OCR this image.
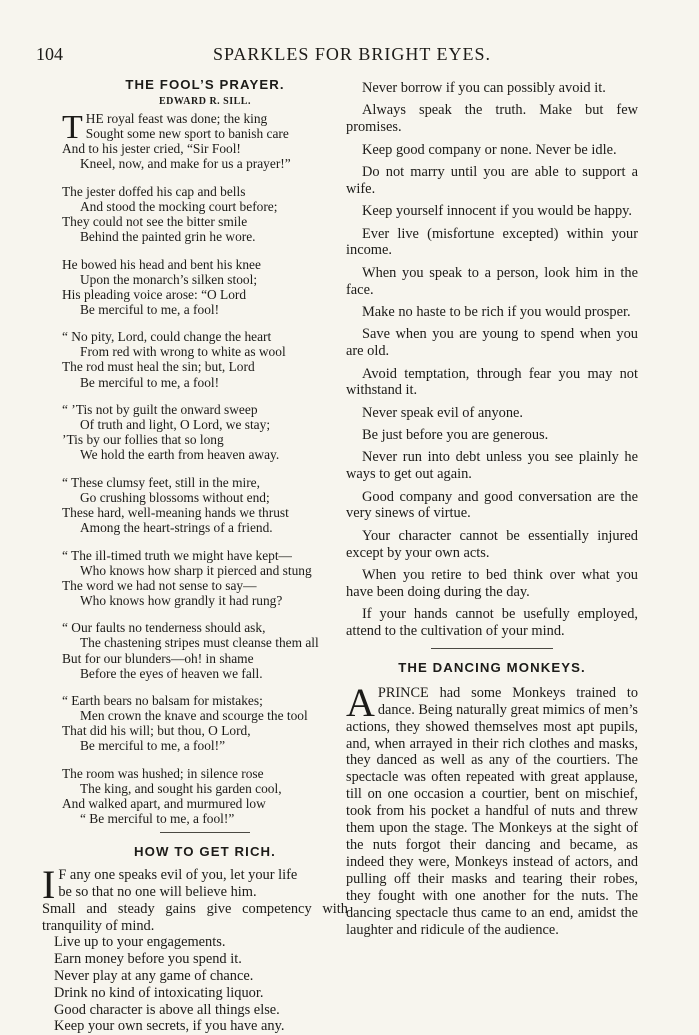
104	SPARKLES FOR BRIGHT EYES.
THE FOOL’S PRAYER.
EDWARD R. SILL.

THE royal feast was done; the king

Sought some new sport to banish care

And to his jester cried, “Sir Fool!

Kneel, now, and make for us a prayer!”

The jester doffed his cap and bells

And stood the mocking court before;

They could not see the bitter smile

Behind the painted grin he wore.

He bowed his head and bent his knee

Upon the monarch’s silken stool;

His pleading voice arose: “O Lord

Be merciful to me, a fool!

“ No pity, Lord, could change the heart

From red with wrong to white as wool

The rod must heal the sin; but, Lord

Be merciful to me, a fool!

“ ’Tis not by guilt the onward sweep

Of truth and light, O Lord, we stay;

’Tis by our follies that so long

We hold the earth from heaven away.

“ These clumsy feet, still in the mire,

Go crushing blossoms without end;

These hard, well-meaning hands we thrust

Among the heart-strings of a friend.

“ The ill-timed truth we might have kept—

Who knows how sharp it pierced and stung

The word we had not sense to say—

Who knows how grandly it had rung?

“ Our faults no tenderness should ask,

The chastening stripes must cleanse them all

But for our blunders—oh! in shame

Before the eyes of heaven we fall.

“ Earth bears no balsam for mistakes;

Men crown the knave and scourge the tool

That did his will; but thou, O Lord,

Be merciful to me, a fool!”

The room was hushed; in silence rose

The king, and sought his garden cool,

And walked apart, and murmured low

“ Be merciful to me, a fool!”

HOW TO GET RICH.

I F any one speaks evil of you, let your life
be so that no one will believe him.

Small and steady gains give competency with tranquility of mind.

Live up to your engagements.

Earn money before you spend it.

Never play at any game of chance.

Drink no kind of intoxicating liquor.

Good character is above all things else.

Keep your own secrets, if you have any.

Never borrow if you can possibly avoid it.

Always speak the truth. Make but few promises.

Keep good company or none. Never be idle.

Do not marry until you are able to support a wife.

Keep yourself innocent if you would be happy.

Ever live (misfortune excepted) within your income.

When you speak to a person, look him in the face.

Make no haste to be rich if you would prosper.

Save when you are young to spend when you are old.

Avoid temptation, through fear you may not withstand it.

Never speak evil of anyone.

Be just before you are generous.

Never run into debt unless you see plainly he ways to get out again.

Good company and good conversation are the very sinews of virtue.

Your character cannot be essentially injured except by your own acts.

When you retire to bed think over what you have been doing during the day.

If your hands cannot be usefully employed, attend to the cultivation of your mind.

THE DANCING MONKEYS.
A PRINCE had some Monkeys trained to dance. Being naturally great mimics of men’s actions, they showed themselves most apt pupils, and, when arrayed in their rich clothes and masks, they danced as well as any of the courtiers. The spectacle was often repeated with great applause, till on one occasion a courtier, bent on mischief, took from his pocket a handful of nuts and threw them upon the stage. The Monkeys at the sight of the nuts forgot their dancing and became, as indeed they were, Monkeys instead of actors, and pulling off their masks and tearing their robes, they fought with one another for the nuts. The dancing spectacle thus came to an end, amidst the laughter and ridicule of the audience.
